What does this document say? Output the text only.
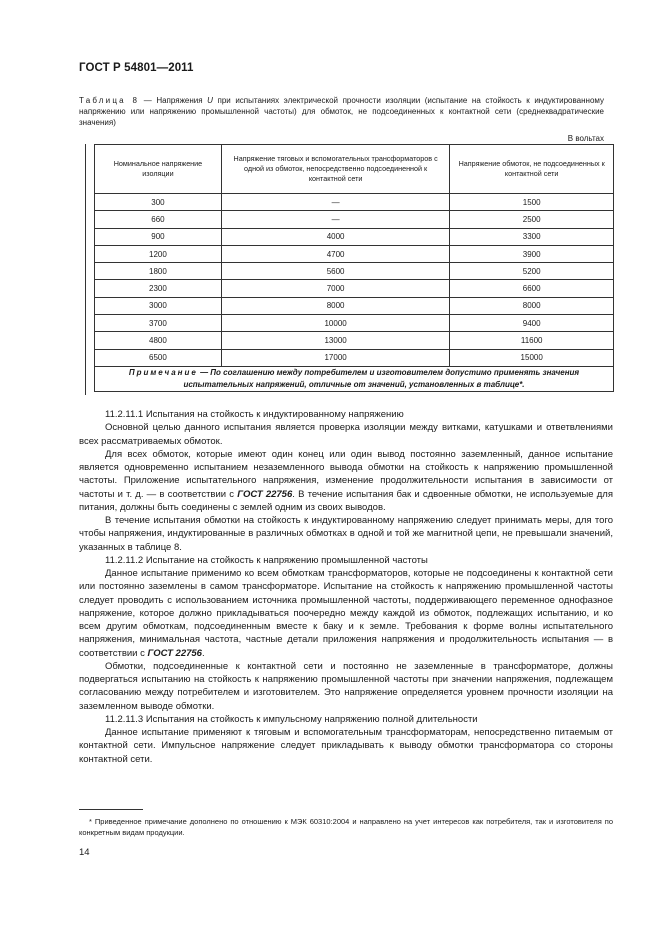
ГОСТ Р 54801—2011
Таблица 8 — Напряжения U при испытаниях электрической прочности изоляции (испытание на стойкость к индуктированному напряжению или напряжению промышленной частоты) для обмоток, не подсоединенных к контактной сети (среднеквадратические значения)
В вольтах
Номинальное напряжение изоляции	Напряжение тяговых и вспомогательных трансформаторов с одной из обмоток, непосредственно подсоединенной к контактной сети	Напряжение обмоток, не подсоединенных к контактной сети
300	—	1500
660	—	2500
900	4000	3300
1200	4700	3900
1800	5600	5200
2300	7000	6600
3000	8000	8000
3700	10000	9400
4800	13000	11600
6500	17000	15000
Примечание — По соглашению между потребителем и изготовителем допустимо применять значения испытательных напряжений, отличные от значений, установленных в таблице*.		

11.2.11.1 Испытания на стойкость к индуктированному напряжению

Основной целью данного испытания является проверка изоляции между витками, катушками и ответвлениями всех рассматриваемых обмоток.

Для всех обмоток, которые имеют один конец или один вывод постоянно заземленный, данное испытание является одновременно испытанием незаземленного вывода обмотки на стойкость к напряжению промышленной частоты. Приложение испытательного напряжения, изменение продолжительности испытания в зависимости от частоты и т. д. — в соответствии с ГОСТ 22756. В течение испытания бак и сдвоенные обмотки, не используемые для питания, должны быть соединены с землей одним из своих выводов.

В течение испытания обмотки на стойкость к индуктированному напряжению следует принимать меры, для того чтобы напряжения, индуктированные в различных обмотках в одной и той же магнитной цепи, не превышали значений, указанных в таблице 8.

11.2.11.2 Испытание на стойкость к напряжению промышленной частоты

Данное испытание применимо ко всем обмоткам трансформаторов, которые не подсоединены к контактной сети или постоянно заземлены в самом трансформаторе. Испытание на стойкость к напряжению промышленной частоты следует проводить с использованием источника промышленной частоты, поддерживающего переменное однофазное напряжение, которое должно прикладываться поочередно между каждой из обмоток, подлежащих испытанию, и ко всем другим обмоткам, подсоединенным вместе к баку и к земле. Требования к форме волны испытательного напряжения, минимальная частота, частные детали приложения напряжения и продолжительность испытания — в соответствии с ГОСТ 22756.

Обмотки, подсоединенные к контактной сети и постоянно не заземленные в трансформаторе, должны подвергаться испытанию на стойкость к напряжению промышленной частоты при значении напряжения, подлежащем согласованию между потребителем и изготовителем. Это напряжение определяется уровнем прочности изоляции на заземленном выводе обмотки.

11.2.11.3 Испытания на стойкость к импульсному напряжению полной длительности

Данное испытание применяют к тяговым и вспомогательным трансформаторам, непосредственно питаемым от контактной сети. Импульсное напряжение следует прикладывать к выводу обмотки трансформатора со стороны контактной сети.

* Приведенное примечание дополнено по отношению к МЭК 60310:2004 и направлено на учет интересов как потребителя, так и изготовителя по конкретным видам продукции.
14
